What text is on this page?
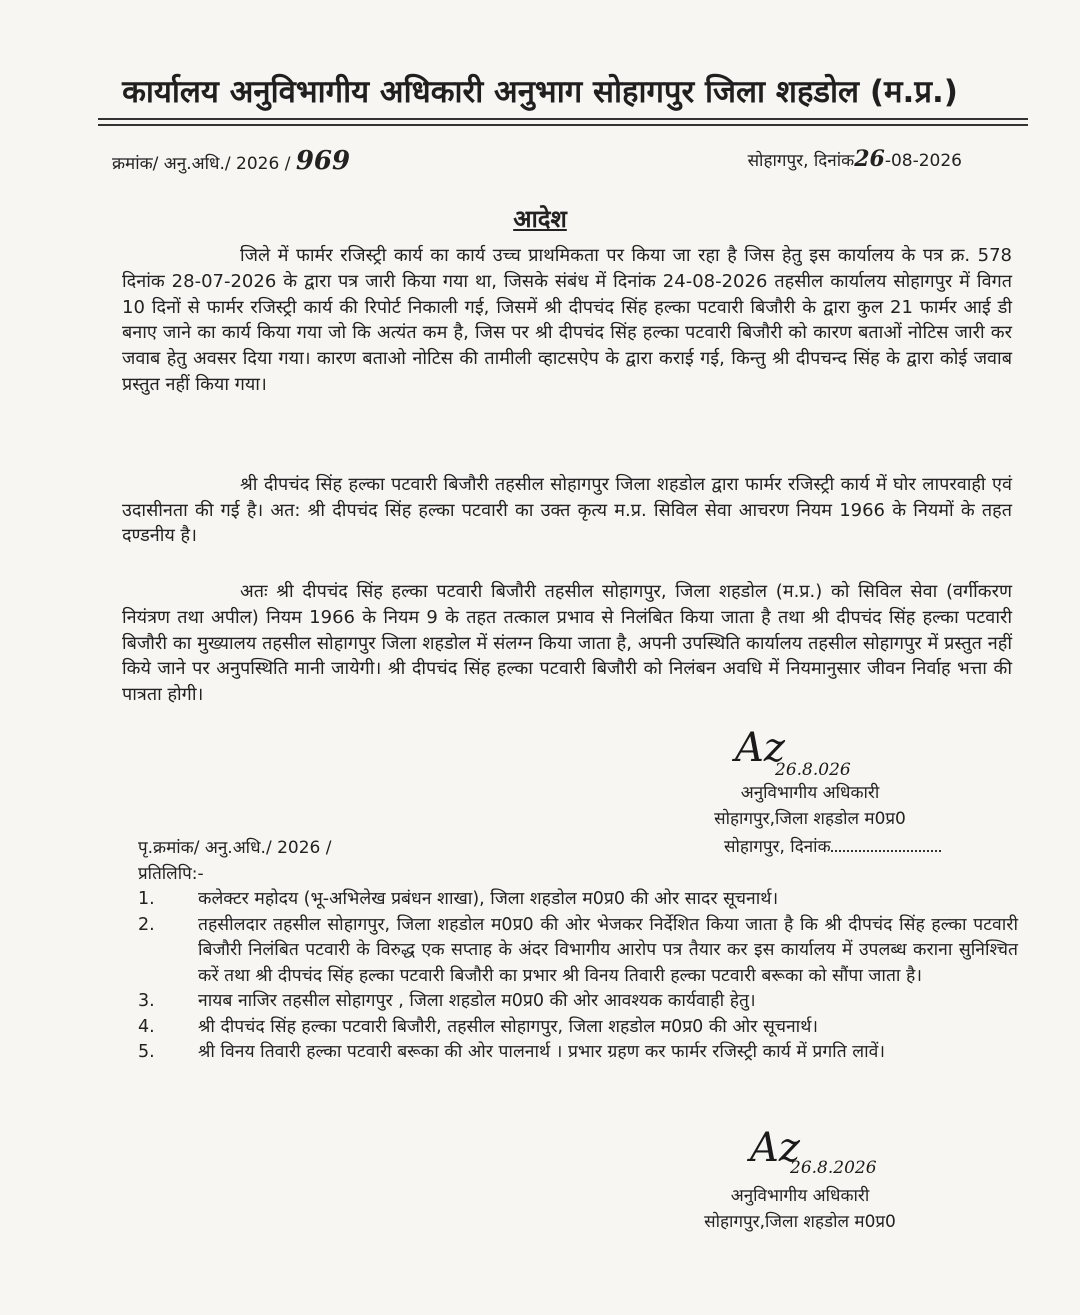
कार्यालय अनुविभागीय अधिकारी अनुभाग सोहागपुर जिला शहडोल (म.प्र.)
क्रमांक/ अनु.अधि./ 2026 / 969	सोहागपुर, दिनांक26-08-2026
आदेश
जिले में फार्मर रजिस्ट्री कार्य का कार्य उच्च प्राथमिकता पर किया जा रहा है जिस हेतु इस कार्यालय के पत्र क्र. 578 दिनांक 28-07-2026 के द्वारा पत्र जारी किया गया था, जिसके संबंध में दिनांक 24-08-2026 तहसील कार्यालय सोहागपुर में विगत 10 दिनों से फार्मर रजिस्ट्री कार्य की रिपोर्ट निकाली गई, जिसमें श्री दीपचंद सिंह हल्का पटवारी बिजौरी के द्वारा कुल 21 फार्मर आई डी बनाए जाने का कार्य किया गया जो कि अत्यंत कम है, जिस पर श्री दीपचंद सिंह हल्का पटवारी बिजौरी को कारण बताओं नोटिस जारी कर जवाब हेतु अवसर दिया गया। कारण बताओ नोटिस की तामीली व्हाटसऐप के द्वारा कराई गई, किन्तु श्री दीपचन्द सिंह के द्वारा कोई जवाब प्रस्तुत नहीं किया गया।
श्री दीपचंद सिंह हल्का पटवारी बिजौरी तहसील सोहागपुर जिला शहडोल द्वारा फार्मर रजिस्ट्री कार्य में घोर लापरवाही एवं उदासीनता की गई है। अत: श्री दीपचंद सिंह हल्का पटवारी का उक्त कृत्य म.प्र. सिविल सेवा आचरण नियम 1966 के नियमों के तहत दण्डनीय है।
अतः श्री दीपचंद सिंह हल्का पटवारी बिजौरी तहसील सोहागपुर, जिला शहडोल (म.प्र.) को सिविल सेवा (वर्गीकरण नियंत्रण तथा अपील) नियम 1966 के नियम 9 के तहत तत्काल प्रभाव से निलंबित किया जाता है तथा श्री दीपचंद सिंह हल्का पटवारी बिजौरी का मुख्यालय तहसील सोहागपुर जिला शहडोल में संलग्न किया जाता है, अपनी उपस्थिति कार्यालय तहसील सोहागपुर में प्रस्तुत नहीं किये जाने पर अनुपस्थिति मानी जायेगी। श्री दीपचंद सिंह हल्का पटवारी बिजौरी को निलंबन अवधि में नियमानुसार जीवन निर्वाह भत्ता की पात्रता होगी।
Az
26.8.026
अनुविभागीय अधिकारी
सोहागपुर,जिला शहडोल म0प्र0
पृ.क्रमांक/ अनु.अधि./ 2026 /
प्रतिलिपि:-
सोहागपुर, दिनांक
1.	कलेक्टर महोदय (भू-अभिलेख प्रबंधन शाखा), जिला शहडोल म0प्र0 की ओर सादर सूचनार्थ।
2.	तहसीलदार तहसील सोहागपुर, जिला शहडोल म0प्र0 की ओर भेजकर निर्देशित किया जाता है कि श्री दीपचंद सिंह हल्का पटवारी बिजौरी निलंबित पटवारी के विरुद्ध एक सप्ताह के अंदर विभागीय आरोप पत्र तैयार कर इस कार्यालय में उपलब्ध कराना सुनिश्चित करें तथा श्री दीपचंद सिंह हल्का पटवारी बिजौरी का प्रभार श्री विनय तिवारी हल्का पटवारी बरूका को सौंपा जाता है।
3.	नायब नाजिर तहसील सोहागपुर , जिला शहडोल म0प्र0 की ओर आवश्यक कार्यवाही हेतु।
4.	श्री दीपचंद सिंह हल्का पटवारी बिजौरी, तहसील सोहागपुर, जिला शहडोल म0प्र0 की ओर सूचनार्थ।
5.	श्री विनय तिवारी हल्का पटवारी बरूका की ओर पालनार्थ । प्रभार ग्रहण कर फार्मर रजिस्ट्री कार्य में प्रगति लावें।
Az
26.8.2026
अनुविभागीय अधिकारी
सोहागपुर,जिला शहडोल म0प्र0
